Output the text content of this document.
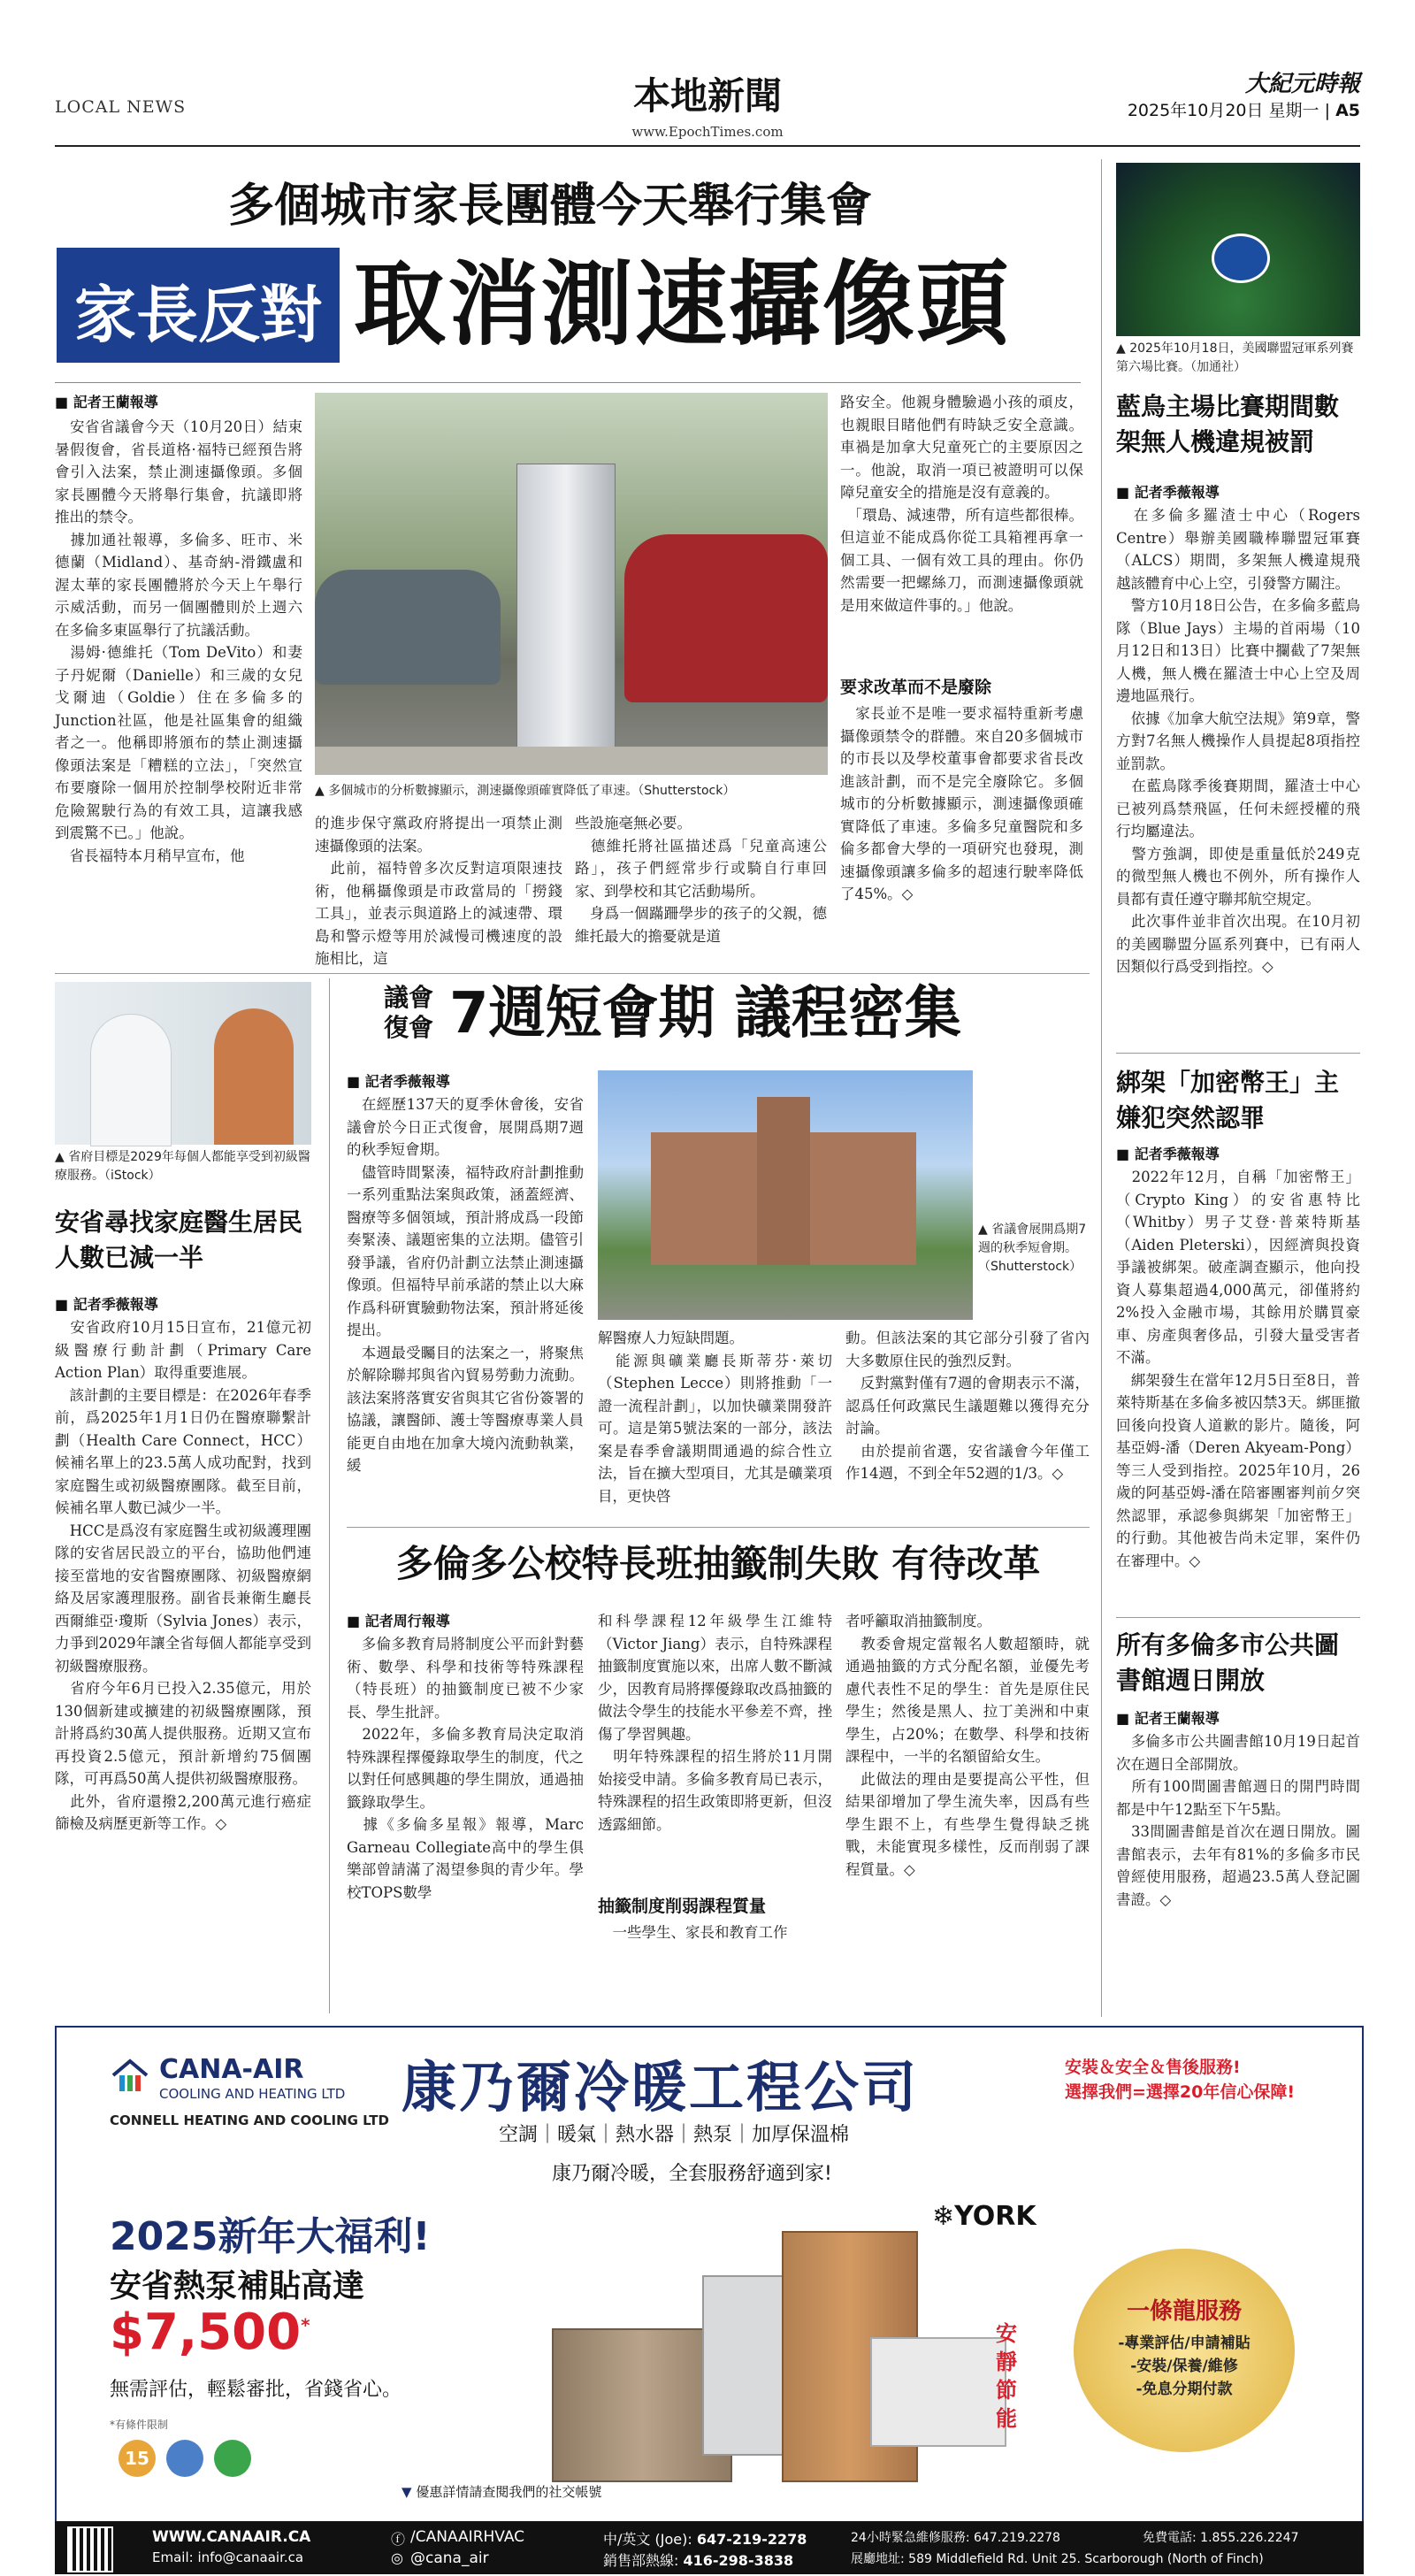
LOCAL NEWS	本地新聞
www.EpochTimes.com
大紀元時報
2025年10月20日 星期一 | A5
多個城市家長團體今天舉行集會
家長反對 取消測速攝像頭
■ 記者王蘭報導
　安省省議會今天（10月20日）結束暑假復會，省長道格·福特已經預告將會引入法案，禁止測速攝像頭。多個家長團體今天將舉行集會，抗議即將推出的禁令。
　據加通社報導，多倫多、旺市、米德蘭（Midland）、基奇納-滑鐵盧和渥太華的家長團體將於今天上午舉行示威活動，而另一個團體則於上週六在多倫多東區舉行了抗議活動。
　湯姆·德維托（Tom DeVito）和妻子丹妮爾（Danielle）和三歲的女兒戈爾迪（Goldie）住在多倫多的Junction社區，他是社區集會的組織者之一。他稱即將頒布的禁止測速攝像頭法案是「糟糕的立法」，「突然宣布要廢除一個用於控制學校附近非常危險駕駛行為的有效工具，這讓我感到震驚不已。」他說。
　省長福特本月稍早宣布，他
▲ 多個城市的分析數據顯示，測速攝像頭確實降低了車速。（Shutterstock）
的進步保守黨政府將提出一項禁止測速攝像頭的法案。
　此前，福特曾多次反對這項限速技術，他稱攝像頭是市政當局的「撈錢工具」，並表示與道路上的減速帶、環島和警示燈等用於減慢司機速度的設施相比，這
些設施毫無必要。
　德維托將社區描述爲「兒童高速公路」，孩子們經常步行或騎自行車回家、到學校和其它活動場所。
　身爲一個蹣跚學步的孩子的父親，德維托最大的擔憂就是道
路安全。他親身體驗過小孩的頑皮，也親眼目睹他們有時缺乏安全意識。車禍是加拿大兒童死亡的主要原因之一。他說，取消一項已被證明可以保障兒童安全的措施是沒有意義的。
　「環島、減速帶，所有這些都很棒。但這並不能成爲你從工具箱裡再拿一個工具、一個有效工具的理由。你仍然需要一把螺絲刀，而測速攝像頭就是用來做這件事的。」他說。
要求改革而不是廢除
　家長並不是唯一要求福特重新考慮攝像頭禁令的群體。來自20多個城市的市長以及學校董事會都要求省長改進該計劃，而不是完全廢除它。多個城市的分析數據顯示，測速攝像頭確實降低了車速。多倫多兒童醫院和多倫多都會大學的一項研究也發現，測速攝像頭讓多倫多的超速行駛率降低了45%。◇
▲ 2025年10月18日，美國聯盟冠軍系列賽第六場比賽。（加通社）
藍鳥主場比賽期間數架無人機違規被罰
■ 記者季薇報導
　在多倫多羅渣士中心（Rogers Centre）舉辦美國職棒聯盟冠軍賽（ALCS）期間，多架無人機違規飛越該體育中心上空，引發警方關注。
　警方10月18日公告，在多倫多藍鳥隊（Blue Jays）主場的首兩場（10月12日和13日）比賽中攔截了7架無人機，無人機在羅渣士中心上空及周邊地區飛行。
　依據《加拿大航空法規》第9章，警方對7名無人機操作人員提起8項指控並罰款。
　在藍鳥隊季後賽期間，羅渣士中心已被列爲禁飛區，任何未經授權的飛行均屬違法。
　警方強調，即使是重量低於249克的微型無人機也不例外，所有操作人員都有責任遵守聯邦航空規定。
　此次事件並非首次出現。在10月初的美國聯盟分區系列賽中，已有兩人因類似行爲受到指控。◇
綁架「加密幣王」主嫌犯突然認罪
■ 記者季薇報導
　2022年12月，自稱「加密幣王」（Crypto King）的安省惠特比（Whitby）男子艾登·普萊特斯基（Aiden Pleterski），因經濟與投資爭議被綁架。破產調查顯示，他向投資人募集超過4,000萬元，卻僅將約2%投入金融市場，其餘用於購買豪車、房產與奢侈品，引發大量受害者不滿。
　綁架發生在當年12月5日至8日，普萊特斯基在多倫多被囚禁3天。綁匪撤回後向投資人道歉的影片。隨後，阿基亞姆-潘（Deren Akyeam-Pong）等三人受到指控。2025年10月，26歲的阿基亞姆-潘在陪審團審判前夕突然認罪，承認參與綁架「加密幣王」的行動。其他被告尚未定罪，案件仍在審理中。◇
所有多倫多市公共圖書館週日開放
■ 記者王蘭報導
　多倫多市公共圖書館10月19日起首次在週日全部開放。
　所有100間圖書館週日的開門時間都是中午12點至下午5點。
　33間圖書館是首次在週日開放。圖書館表示，去年有81%的多倫多市民曾經使用服務，超過23.5萬人登記圖書證。◇
▲ 省府目標是2029年每個人都能享受到初級醫療服務。（iStock）
安省尋找家庭醫生居民人數已減一半
■ 記者季薇報導
　安省政府10月15日宣布，21億元初級醫療行動計劃（Primary Care Action Plan）取得重要進展。
　該計劃的主要目標是：在2026年春季前，爲2025年1月1日仍在醫療聯繫計劃（Health Care Connect，HCC）候補名單上的23.5萬人成功配對，找到家庭醫生或初級醫療團隊。截至目前，候補名單人數已減少一半。
　HCC是爲沒有家庭醫生或初級護理團隊的安省居民設立的平台，協助他們連接至當地的安省醫療團隊、初級醫療網絡及居家護理服務。副省長兼衛生廳長西爾維亞·瓊斯（Sylvia Jones）表示，力爭到2029年讓全省每個人都能享受到初級醫療服務。
　省府今年6月已投入2.35億元，用於130個新建或擴建的初級醫療團隊，預計將爲約30萬人提供服務。近期又宣布再投資2.5億元，預計新增約75個團隊，可再爲50萬人提供初級醫療服務。
　此外，省府還撥2,200萬元進行癌症篩檢及病歷更新等工作。◇
議會
復會 7週短會期 議程密集
■ 記者季薇報導
　在經歷137天的夏季休會後，安省議會於今日正式復會，展開爲期7週的秋季短會期。
　儘管時間緊湊，福特政府計劃推動一系列重點法案與政策，涵蓋經濟、醫療等多個領域，預計將成爲一段節奏緊湊、議題密集的立法期。儘管引發爭議，省府仍計劃立法禁止測速攝像頭。但福特早前承諾的禁止以大麻作爲科研實驗動物法案，預計將延後提出。
　本週最受矚目的法案之一，將聚焦於解除聯邦與省內貿易勞動力流動。該法案將落實安省與其它省份簽署的協議，讓醫師、護士等醫療專業人員能更自由地在加拿大境內流動執業，緩
▲ 省議會展開爲期7週的秋季短會期。（Shutterstock）
解醫療人力短缺問題。
　能源與礦業廳長斯蒂芬·萊切（Stephen Lecce）則將推動「一證一流程計劃」，以加快礦業開發許可。這是第5號法案的一部分，該法案是春季會議期間通過的綜合性立法，旨在擴大型項目，尤其是礦業項目，更快啓
動。但該法案的其它部分引發了省內大多數原住民的強烈反對。
　反對黨對僅有7週的會期表示不滿，認爲任何政黨民生議題難以獲得充分討論。
　由於提前省選，安省議會今年僅工作14週，不到全年52週的1/3。◇
多倫多公校特長班抽籤制失敗 有待改革
■ 記者周行報導
　多倫多教育局將制度公平而針對藝術、數學、科學和技術等特殊課程（特長班）的抽籤制度已被不少家長、學生批評。
　2022年，多倫多教育局決定取消特殊課程擇優錄取學生的制度，代之以對任何感興趣的學生開放，通過抽籤錄取學生。
　據《多倫多星報》報導，Marc Garneau Collegiate高中的學生俱樂部曾請滿了渴望參與的青少年。學校TOPS數學
和科學課程12年級學生江維特（Victor Jiang）表示，自特殊課程抽籤制度實施以來，出席人數不斷減少，因教育局將擇優錄取改爲抽籤的做法令學生的技能水平參差不齊，挫傷了學習興趣。
　明年特殊課程的招生將於11月開始接受申請。多倫多教育局已表示，特殊課程的招生政策即將更新，但沒透露細節。
抽籤制度削弱課程質量
　一些學生、家長和教育工作
者呼籲取消抽籤制度。
　教委會規定當報名人數超額時，就通過抽籤的方式分配名額，並優先考慮代表性不足的學生：首先是原住民學生；然後是黑人、拉丁美洲和中東學生，占20%；在數學、科學和技術課程中，一半的名額留給女生。
　此做法的理由是要提高公平性，但結果卻增加了學生流失率，因爲有些學生跟不上，有些學生覺得缺乏挑戰，未能實現多樣性，反而削弱了課程質量。◇
CANA-AIR
COOLING AND HEATING LTD
CONNELL HEATING AND COOLING LTD
康乃爾冷暖工程公司
空調｜暖氣｜熱水器｜熱泵｜加厚保溫棉
康乃爾冷暖，全套服務舒適到家!
安裝＆安全＆售後服務!
選擇我們=選擇20年信心保障!
2025新年大福利!
安省熱泵補貼高達
$7,500*
無需評估，輕鬆審批，省錢省心。
*有條件限制
15
❄YORK
安靜節能
一條龍服務
-專業評估/申請補貼
-安裝/保養/維修
-免息分期付款
▼ 優惠詳情請查閱我們的社交帳號
WWW.CANAAIR.CA
Email: info@canaair.ca
ⓕ /CANAAIRHVAC
◎ @cana_air
中/英文 (Joe): 647-219-2278
銷售部熱線: 416-298-3838
24小時緊急維修服務: 647.219.2278	免費電話: 1.855.226.2247
展廳地址: 589 Middlefield Rd. Unit 25. Scarborough (North of Finch)
